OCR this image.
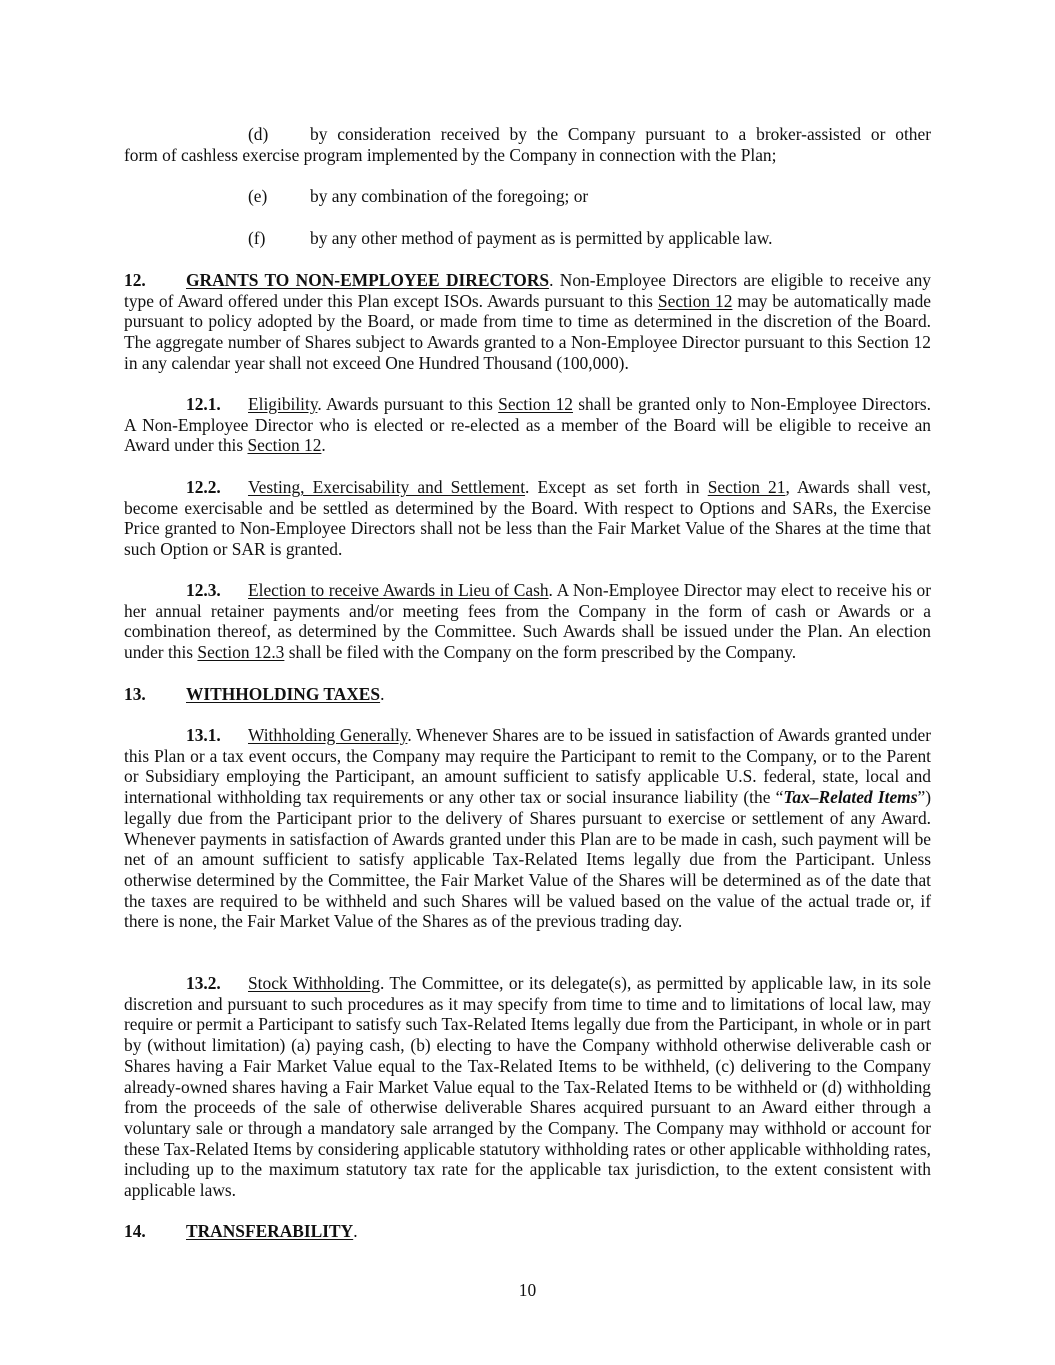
(d) by consideration received by the Company pursuant to a broker-assisted or other
form of cashless exercise program implemented by the Company in connection with the Plan;
(e) by any combination of the foregoing; or
(f)	by any other method of payment as is permitted by applicable law.

12. GRANTS TO NON-EMPLOYEE DIRECTORS. Non-Employee Directors are eligible to receive any type of Award offered under this Plan except ISOs. Awards pursuant to this Section 12 may be automatically made pursuant to policy adopted by the Board, or made from time to time as determined in the discretion of the Board. The aggregate number of Shares subject to Awards granted to a Non-Employee Director pursuant to this Section 12 in any calendar year shall not exceed One Hundred Thousand (100,000).

12.1. Eligibility. Awards pursuant to this Section 12 shall be granted only to Non-Employee Directors. A Non-Employee Director who is elected or re-elected as a member of the Board will be eligible to receive an Award under this Section 12.

12.2. Vesting, Exercisability and Settlement. Except as set forth in Section 21, Awards shall vest, become exercisable and be settled as determined by the Board. With respect to Options and SARs, the Exercise Price granted to Non-Employee Directors shall not be less than the Fair Market Value of the Shares at the time that such Option or SAR is granted.

12.3. Election to receive Awards in Lieu of Cash. A Non-Employee Director may elect to receive his or her annual retainer payments and/or meeting fees from the Company in the form of cash or Awards or a combination thereof, as determined by the Committee. Such Awards shall be issued under the Plan. An election under this Section 12.3 shall be filed with the Company on the form prescribed by the Company.

13. WITHHOLDING TAXES.

13.1. Withholding Generally. Whenever Shares are to be issued in satisfaction of Awards granted under this Plan or a tax event occurs, the Company may require the Participant to remit to the Company, or to the Parent or Subsidiary employing the Participant, an amount sufficient to satisfy applicable U.S. federal, state, local and international withholding tax requirements or any other tax or social insurance liability (the “Tax–Related Items”) legally due from the Participant prior to the delivery of Shares pursuant to exercise or settlement of any Award. Whenever payments in satisfaction of Awards granted under this Plan are to be made in cash, such payment will be net of an amount sufficient to satisfy applicable Tax-Related Items legally due from the Participant. Unless otherwise determined by the Committee, the Fair Market Value of the Shares will be determined as of the date that the taxes are required to be withheld and such Shares will be valued based on the value of the actual trade or, if there is none, the Fair Market Value of the Shares as of the previous trading day.

13.2. Stock Withholding. The Committee, or its delegate(s), as permitted by applicable law, in its sole discretion and pursuant to such procedures as it may specify from time to time and to limitations of local law, may require or permit a Participant to satisfy such Tax-Related Items legally due from the Participant, in whole or in part by (without limitation) (a) paying cash, (b) electing to have the Company withhold otherwise deliverable cash or Shares having a Fair Market Value equal to the Tax-Related Items to be withheld, (c) delivering to the Company already-owned shares having a Fair Market Value equal to the Tax-Related Items to be withheld or (d) withholding from the proceeds of the sale of otherwise deliverable Shares acquired pursuant to an Award either through a voluntary sale or through a mandatory sale arranged by the Company. The Company may withhold or account for these Tax-Related Items by considering applicable statutory withholding rates or other applicable withholding rates, including up to the maximum statutory tax rate for the applicable tax jurisdiction, to the extent consistent with applicable laws.

14. TRANSFERABILITY.

10
